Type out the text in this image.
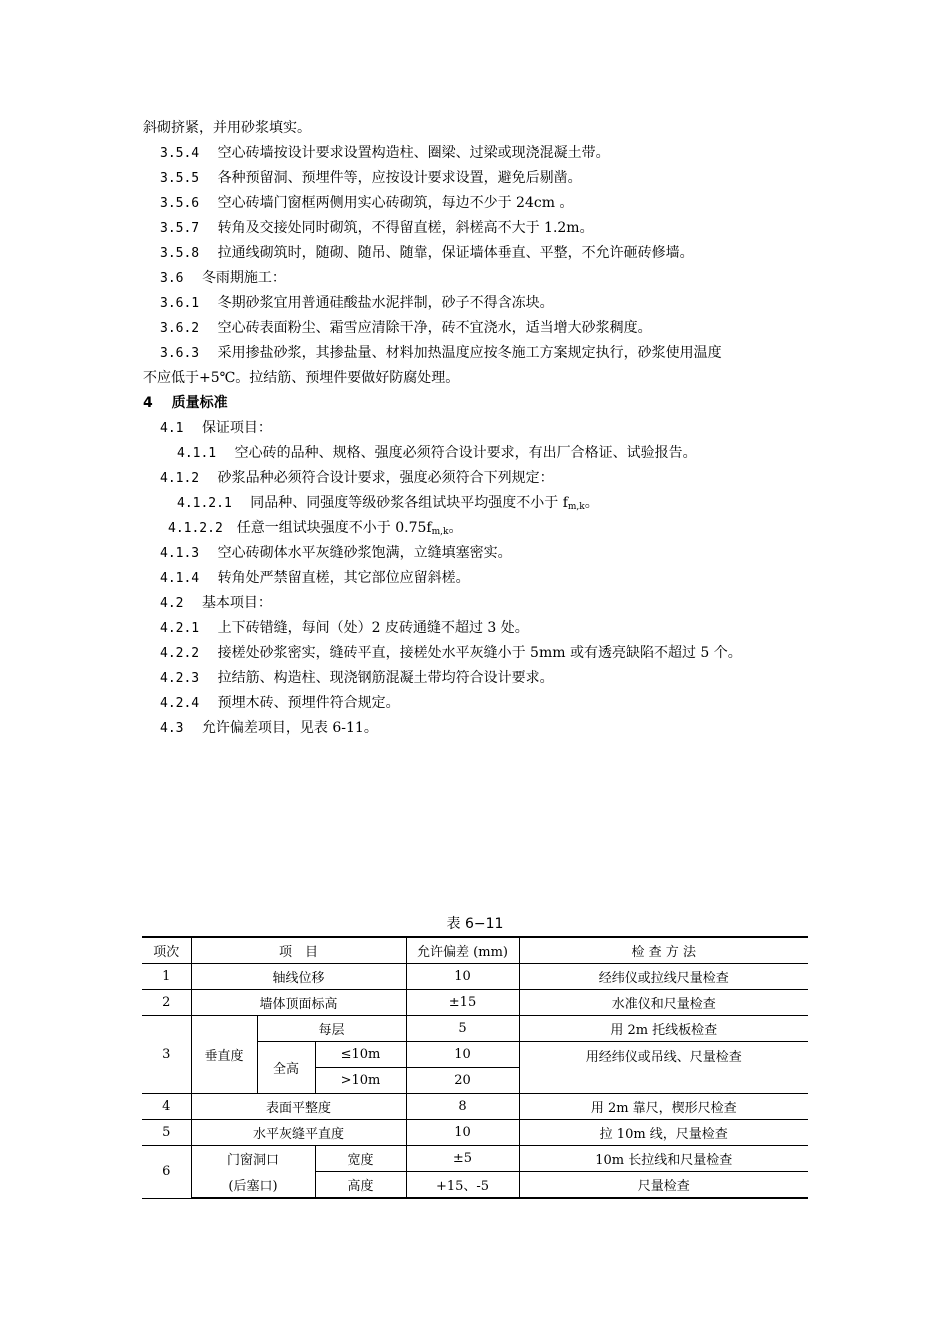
斜砌挤紧，并用砂浆填实。
3.5.4　 空心砖墙按设计要求设置构造柱、圈梁、过梁或现浇混凝土带。
3.5.5　 各种预留洞、预埋件等，应按设计要求设置，避免后剔凿。
3.5.6　 空心砖墙门窗框两侧用实心砖砌筑，每边不少于 24cm 。
3.5.7　 转角及交接处同时砌筑，不得留直槎，斜槎高不大于 1.2m。
3.5.8　 拉通线砌筑时，随砌、随吊、随靠，保证墙体垂直、平整，不允许砸砖修墙。
3.6　 冬雨期施工：
3.6.1　 冬期砂浆宜用普通硅酸盐水泥拌制，砂子不得含冻块。
3.6.2　 空心砖表面粉尘、霜雪应清除干净，砖不宜浇水，适当增大砂浆稠度。
3.6.3　 采用掺盐砂浆，其掺盐量、材料加热温度应按冬施工方案规定执行，砂浆使用温度
不应低于+5℃。拉结筋、预埋件要做好防腐处理。
4　 质量标准
4.1　 保证项目：
4.1.1　 空心砖的品种、规格、强度必须符合设计要求，有出厂合格证、试验报告。
4.1.2　 砂浆品种必须符合设计要求，强度必须符合下列规定：
4.1.2.1　 同品种、同强度等级砂浆各组试块平均强度不小于 $f_{m,k}$。
4.1.2.2　 任意一组试块强度不小于 $0.75f_{m,k}$。
4.1.3　 空心砖砌体水平灰缝砂浆饱满，立缝填塞密实。
4.1.4　 转角处严禁留直槎，其它部位应留斜槎。
4.2　 基本项目：
4.2.1　 上下砖错缝，每间（处）2 皮砖通缝不超过 3 处。
4.2.2　 接槎处砂浆密实，缝砖平直，接槎处水平灰缝小于 5mm 或有透亮缺陷不超过 5 个。
4.2.3　 拉结筋、构造柱、现浇钢筋混凝土带均符合设计要求。
4.2.4　 预埋木砖、预埋件符合规定。
4.3　 允许偏差项目，见表 6-11。
表 6−11
项次	项　目			允许偏差 (mm)	检 查 方 法
1	轴线位移			10	经纬仪或拉线尺量检查
2	墙体顶面标高			±15	水准仪和尺量检查
3	垂直度	每层		5	用 2m 托线板检查
		全高	≤10m	10	用经纬仪或吊线、尺量检查
			>10m	20	
4	表面平整度			8	用 2m 靠尺，楔形尺检查
5	水平灰缝平直度			10	拉 10m 线，尺量检查
6	门窗洞口		宽度	±5	10m 长拉线和尺量检查
	(后塞口)		高度	+15、-5	尺量检查
